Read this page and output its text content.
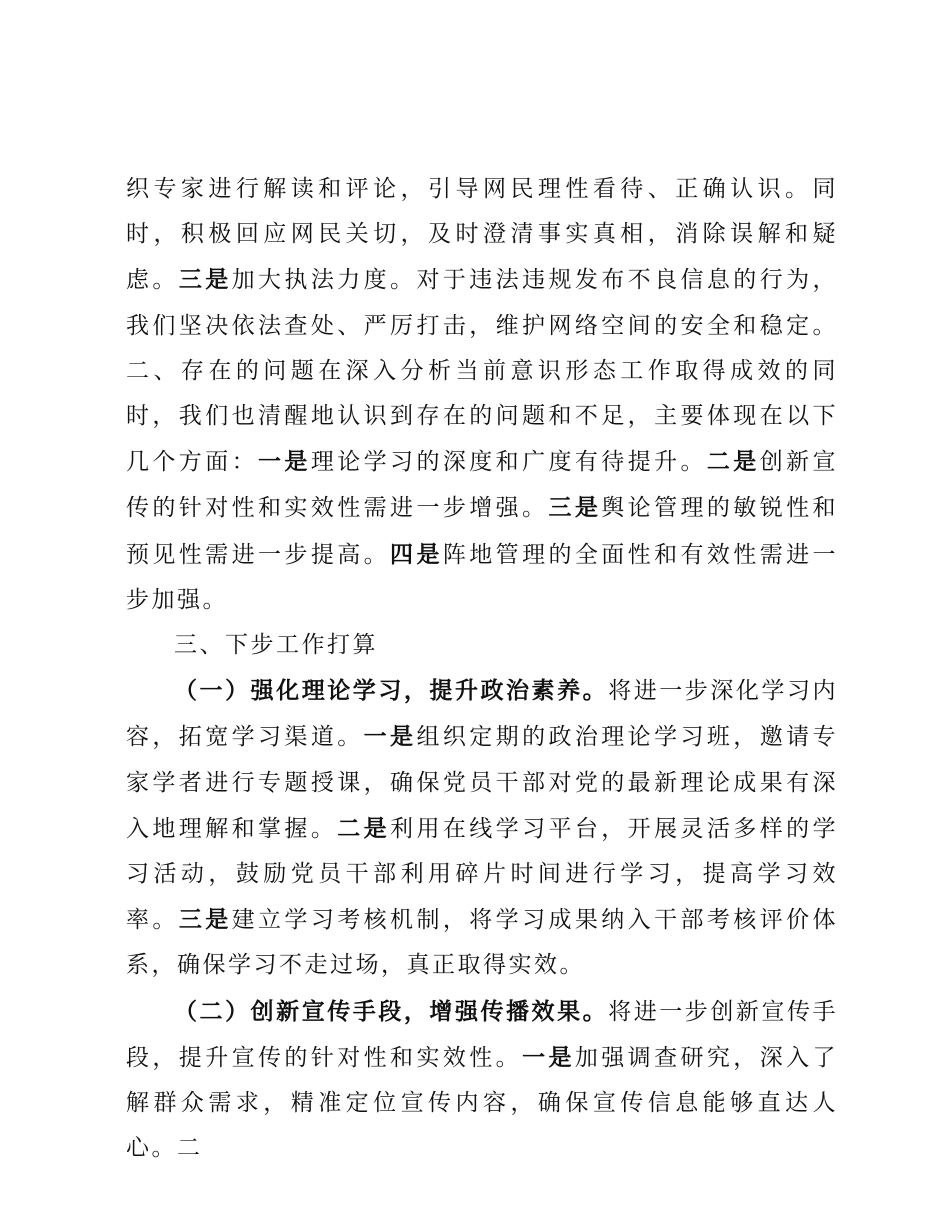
织专家进行解读和评论，引导网民理性看待、正确认识。同时，积极回应网民关切，及时澄清事实真相，消除误解和疑虑。三是加大执法力度。对于违法违规发布不良信息的行为，我们坚决依法查处、严厉打击，维护网络空间的安全和稳定。二、存在的问题在深入分析当前意识形态工作取得成效的同时，我们也清醒地认识到存在的问题和不足，主要体现在以下几个方面：一是理论学习的深度和广度有待提升。二是创新宣传的针对性和实效性需进一步增强。三是舆论管理的敏锐性和预见性需进一步提高。四是阵地管理的全面性和有效性需进一步加强。

三、下步工作打算

（一）强化理论学习，提升政治素养。将进一步深化学习内容，拓宽学习渠道。一是组织定期的政治理论学习班，邀请专家学者进行专题授课，确保党员干部对党的最新理论成果有深入地理解和掌握。二是利用在线学习平台，开展灵活多样的学习活动，鼓励党员干部利用碎片时间进行学习，提高学习效率。三是建立学习考核机制，将学习成果纳入干部考核评价体系，确保学习不走过场，真正取得实效。

（二）创新宣传手段，增强传播效果。将进一步创新宣传手段，提升宣传的针对性和实效性。一是加强调查研究，深入了解群众需求，精准定位宣传内容，确保宣传信息能够直达人心。二
